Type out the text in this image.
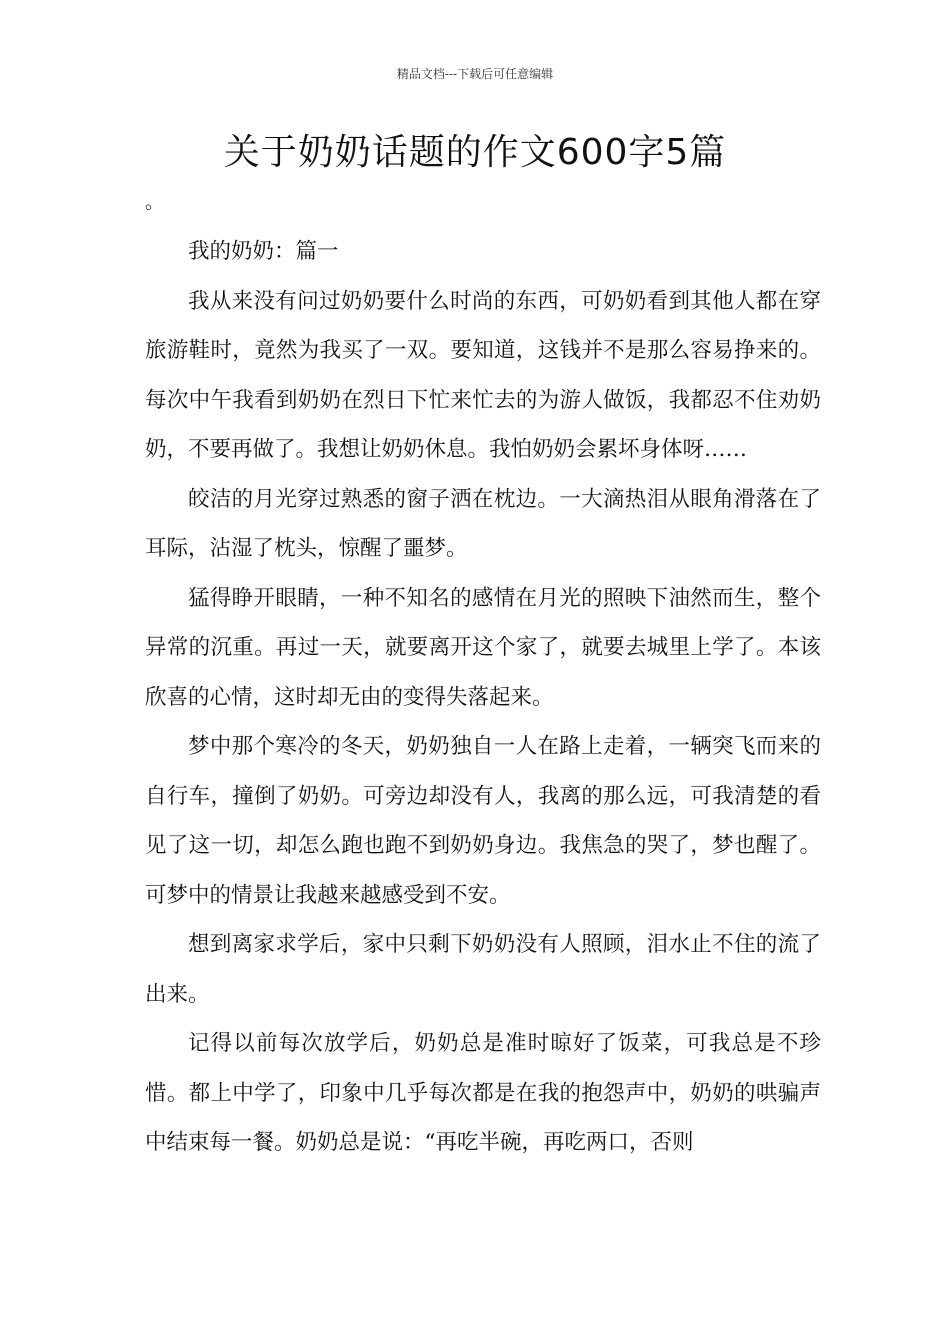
精品文档---下载后可任意编辑
关于奶奶话题的作文600字5篇
。

我的奶奶：篇一

我从来没有问过奶奶要什么时尚的东西，可奶奶看到其他人都在穿旅游鞋时，竟然为我买了一双。要知道，这钱并不是那么容易挣来的。每次中午我看到奶奶在烈日下忙来忙去的为游人做饭，我都忍不住劝奶奶，不要再做了。我想让奶奶休息。我怕奶奶会累坏身体呀……

皎洁的月光穿过熟悉的窗子洒在枕边。一大滴热泪从眼角滑落在了耳际，沾湿了枕头，惊醒了噩梦。

猛得睁开眼睛，一种不知名的感情在月光的照映下油然而生，整个异常的沉重。再过一天，就要离开这个家了，就要去城里上学了。本该欣喜的心情，这时却无由的变得失落起来。

梦中那个寒冷的冬天，奶奶独自一人在路上走着，一辆突飞而来的自行车，撞倒了奶奶。可旁边却没有人，我离的那么远，可我清楚的看见了这一切，却怎么跑也跑不到奶奶身边。我焦急的哭了，梦也醒了。可梦中的情景让我越来越感受到不安。

想到离家求学后，家中只剩下奶奶没有人照顾，泪水止不住的流了出来。

记得以前每次放学后，奶奶总是准时晾好了饭菜，可我总是不珍惜。都上中学了，印象中几乎每次都是在我的抱怨声中，奶奶的哄骗声中结束每一餐。奶奶总是说：“再吃半碗，再吃两口，否则
